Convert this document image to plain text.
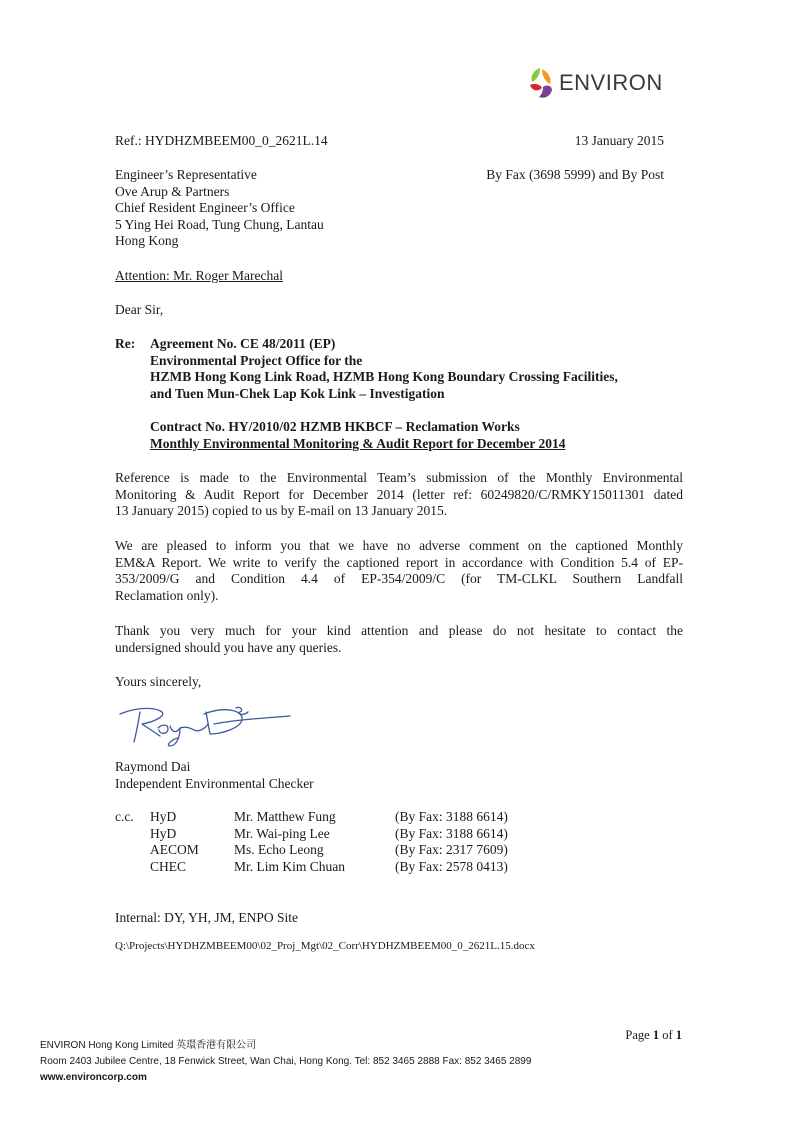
ENVIRON
Ref.: HYDHZMBEEM00_0_2621L.14	13 January 2015
By Fax (3698 5999) and By Post
Engineer’s Representative
Ove Arup & Partners
Chief Resident Engineer’s Office
5 Ying Hei Road, Tung Chung, Lantau
Hong Kong
Attention: Mr. Roger Marechal
Dear Sir,
Re: Agreement No. CE 48/2011 (EP)
Environmental Project Office for the
HZMB Hong Kong Link Road, HZMB Hong Kong Boundary Crossing Facilities,
and Tuen Mun-Chek Lap Kok Link – Investigation
Contract No. HY/2010/02 HZMB HKBCF – Reclamation Works
Monthly Environmental Monitoring & Audit Report for December 2014
Reference is made to the Environmental Team’s submission of the Monthly Environmental
Monitoring & Audit Report for December 2014 (letter ref: 60249820/C/RMKY15011301 dated
13 January 2015) copied to us by E-mail on 13 January 2015.
We are pleased to inform you that we have no adverse comment on the captioned Monthly
EM&A Report. We write to verify the captioned report in accordance with Condition 5.4 of EP-
353/2009/G and Condition 4.4 of EP-354/2009/C (for TM-CLKL Southern Landfall
Reclamation only).
Thank you very much for your kind attention and please do not hesitate to contact the
undersigned should you have any queries.
Yours sincerely,
Raymond Dai
Independent Environmental Checker
c.c. HyD	Mr. Matthew Fung	(By Fax: 3188 6614)
HyD	Mr. Wai-ping Lee	(By Fax: 3188 6614)
AECOM	Ms. Echo Leong	(By Fax: 2317 7609)
CHEC	Mr. Lim Kim Chuan	(By Fax: 2578 0413)
Internal: DY, YH, JM, ENPO Site
Q:\Projects\HYDHZMBEEM00\02_Proj_Mgt\02_Corr\HYDHZMBEEM00_0_2621L.15.docx
Page 1 of 1
ENVIRON Hong Kong Limited 英環香港有限公司
Room 2403 Jubilee Centre, 18 Fenwick Street, Wan Chai, Hong Kong. Tel: 852 3465 2888 Fax: 852 3465 2899
www.environcorp.com
